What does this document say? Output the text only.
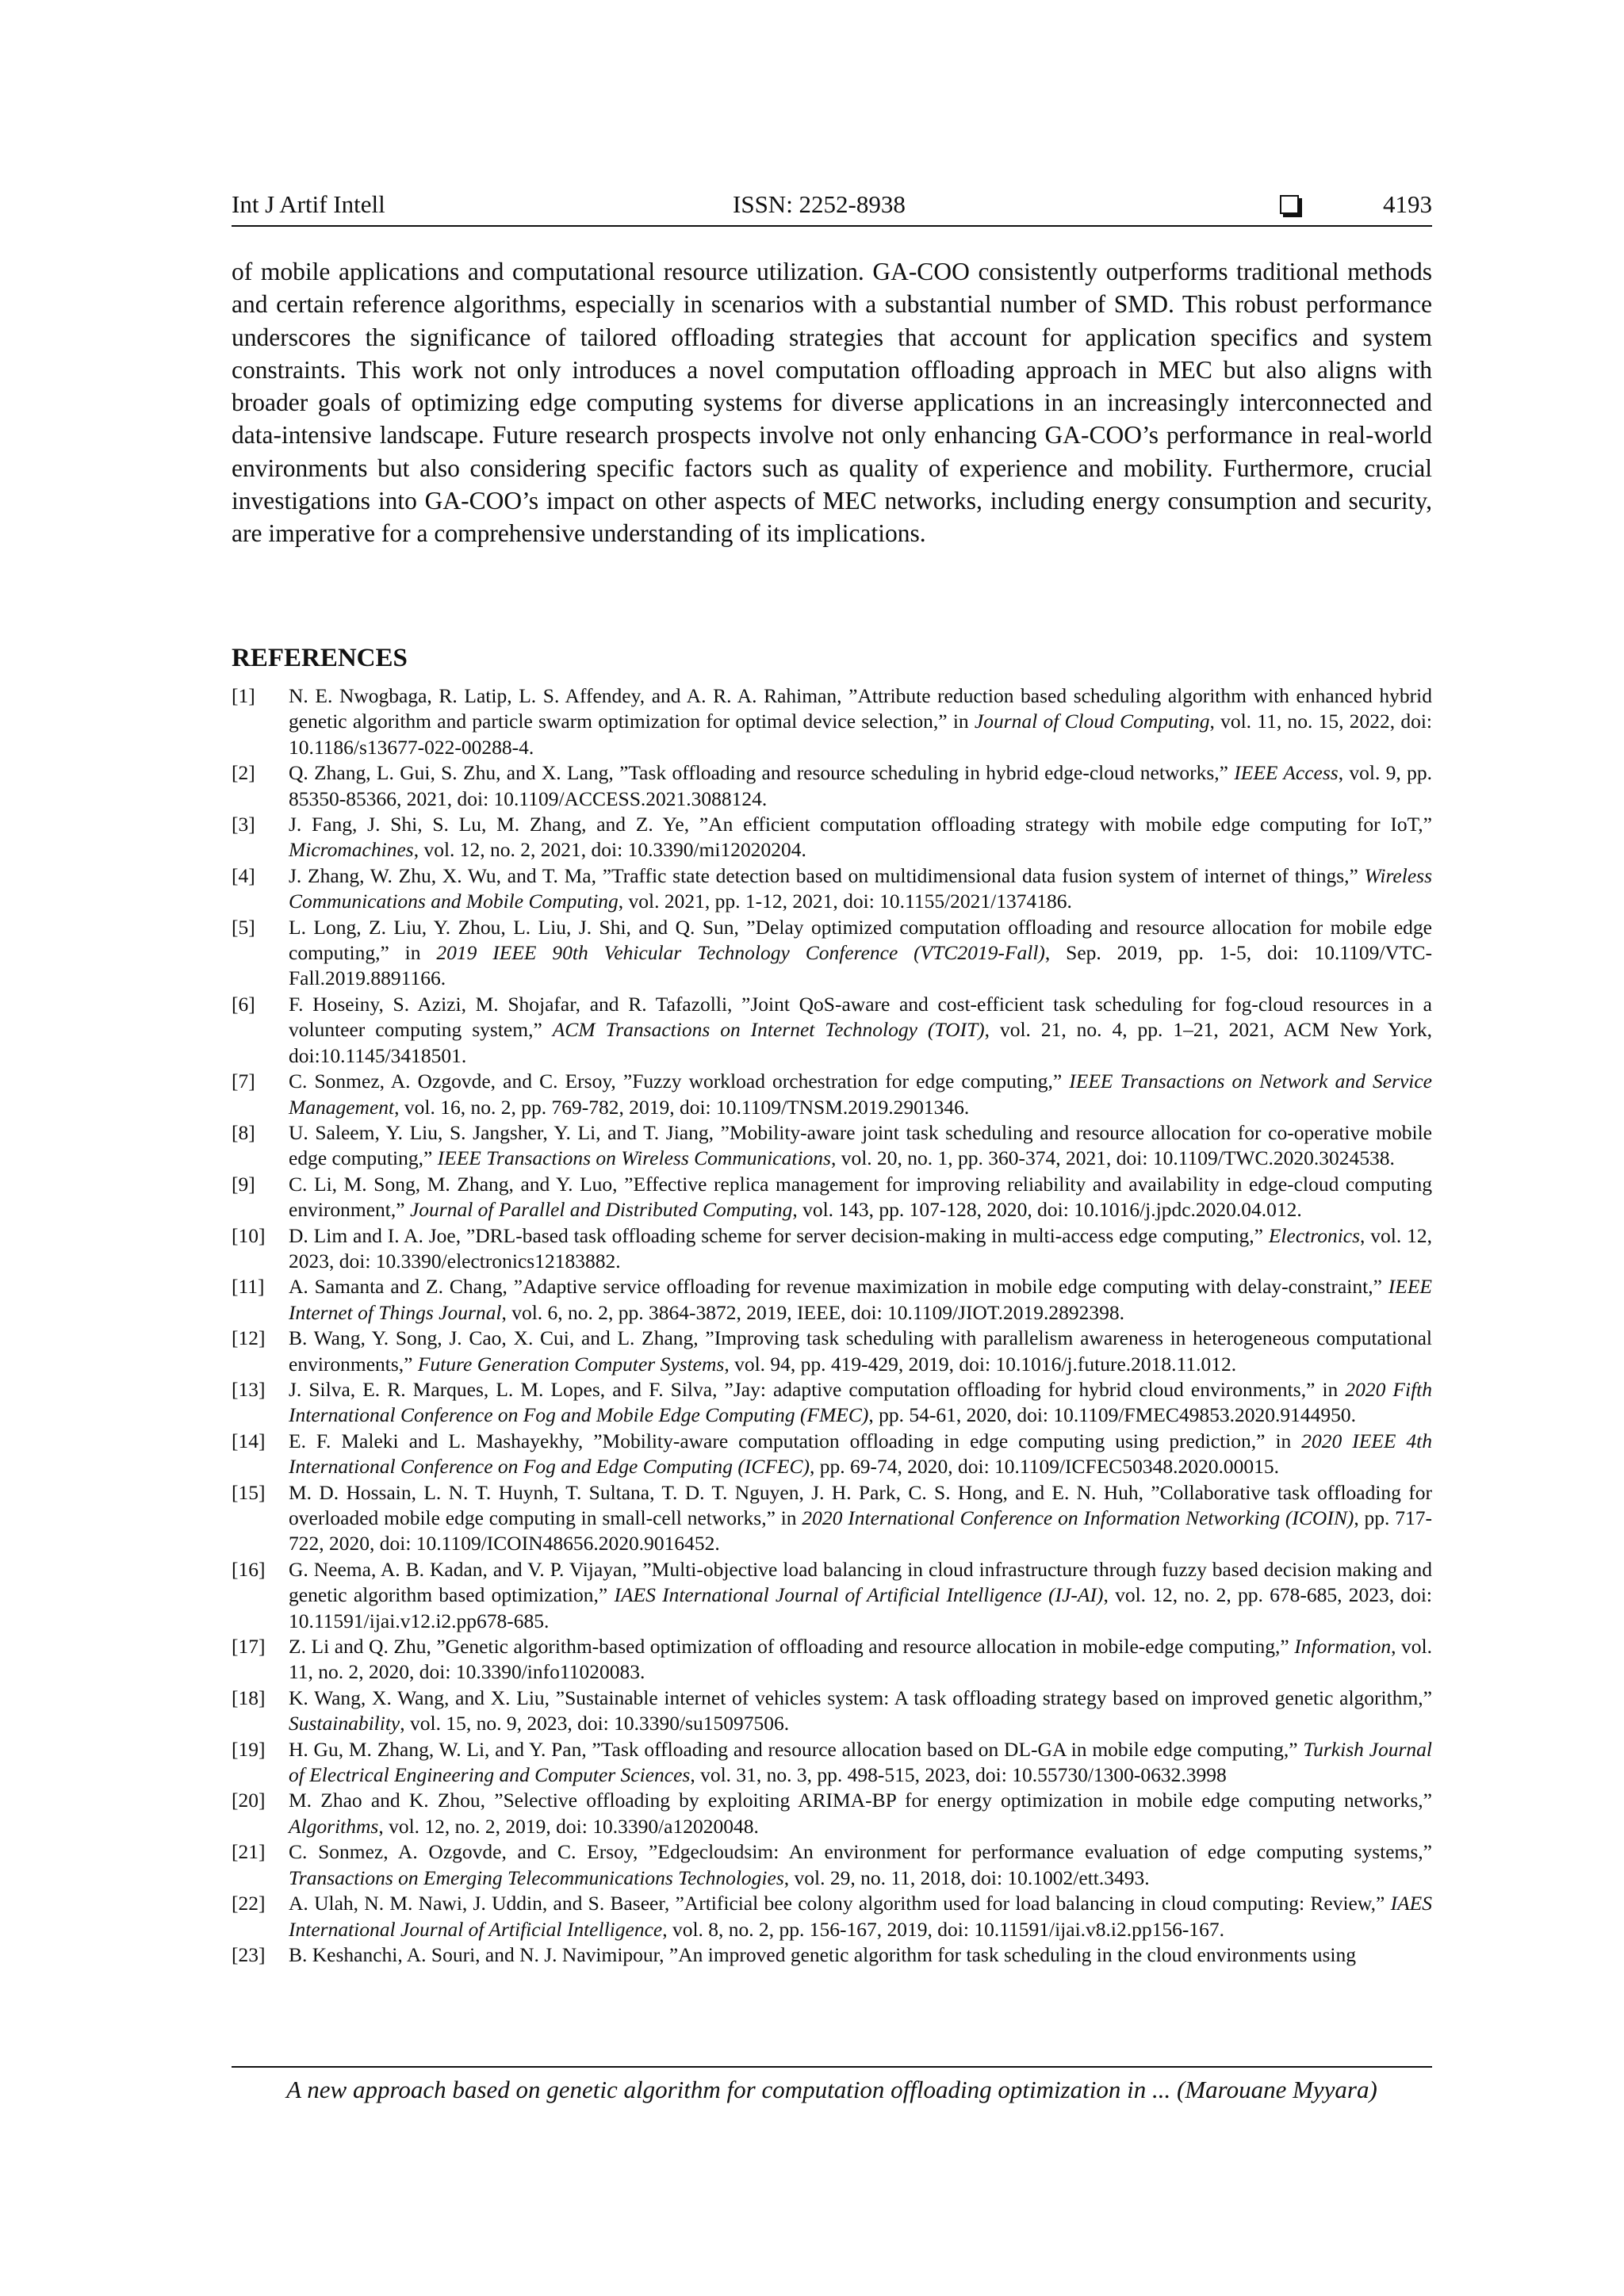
Int J Artif Intell	ISSN: 2252-8938	4193

of mobile applications and computational resource utilization. GA-COO consistently outperforms traditional methods and certain reference algorithms, especially in scenarios with a substantial number of SMD. This robust performance underscores the significance of tailored offloading strategies that account for application specifics and system constraints. This work not only introduces a novel computation offloading approach in MEC but also aligns with broader goals of optimizing edge computing systems for diverse applications in an increasingly interconnected and data-intensive landscape. Future research prospects involve not only enhancing GA-COO’s performance in real-world environments but also considering specific factors such as quality of experience and mobility. Furthermore, crucial investigations into GA-COO’s impact on other aspects of MEC networks, including energy consumption and security, are imperative for a comprehensive understanding of its implications.

REFERENCES
[1] N. E. Nwogbaga, R. Latip, L. S. Affendey, and A. R. A. Rahiman, ”Attribute reduction based scheduling algorithm with enhanced hybrid genetic algorithm and particle swarm optimization for optimal device selection,” in Journal of Cloud Computing, vol. 11, no. 15, 2022, doi: 10.1186/s13677-022-00288-4.
[2] Q. Zhang, L. Gui, S. Zhu, and X. Lang, ”Task offloading and resource scheduling in hybrid edge-cloud networks,” IEEE Access, vol. 9, pp. 85350-85366, 2021, doi: 10.1109/ACCESS.2021.3088124.
[3] J. Fang, J. Shi, S. Lu, M. Zhang, and Z. Ye, ”An efficient computation offloading strategy with mobile edge computing for IoT,” Micromachines, vol. 12, no. 2, 2021, doi: 10.3390/mi12020204.
[4] J. Zhang, W. Zhu, X. Wu, and T. Ma, ”Traffic state detection based on multidimensional data fusion system of internet of things,” Wireless Communications and Mobile Computing, vol. 2021, pp. 1-12, 2021, doi: 10.1155/2021/1374186.
[5] L. Long, Z. Liu, Y. Zhou, L. Liu, J. Shi, and Q. Sun, ”Delay optimized computation offloading and resource allocation for mobile edge computing,” in 2019 IEEE 90th Vehicular Technology Conference (VTC2019-Fall), Sep. 2019, pp. 1-5, doi: 10.1109/VTC-Fall.2019.8891166.
[6] F. Hoseiny, S. Azizi, M. Shojafar, and R. Tafazolli, ”Joint QoS-aware and cost-efficient task scheduling for fog-cloud resources in a volunteer computing system,” ACM Transactions on Internet Technology (TOIT), vol. 21, no. 4, pp. 1–21, 2021, ACM New York, doi:10.1145/3418501.
[7] C. Sonmez, A. Ozgovde, and C. Ersoy, ”Fuzzy workload orchestration for edge computing,” IEEE Transactions on Network and Service Management, vol. 16, no. 2, pp. 769-782, 2019, doi: 10.1109/TNSM.2019.2901346.
[8] U. Saleem, Y. Liu, S. Jangsher, Y. Li, and T. Jiang, ”Mobility-aware joint task scheduling and resource allocation for co-operative mobile edge computing,” IEEE Transactions on Wireless Communications, vol. 20, no. 1, pp. 360-374, 2021, doi: 10.1109/TWC.2020.3024538.
[9] C. Li, M. Song, M. Zhang, and Y. Luo, ”Effective replica management for improving reliability and availability in edge-cloud computing environment,” Journal of Parallel and Distributed Computing, vol. 143, pp. 107-128, 2020, doi: 10.1016/j.jpdc.2020.04.012.
[10] D. Lim and I. A. Joe, ”DRL-based task offloading scheme for server decision-making in multi-access edge computing,” Electronics, vol. 12, 2023, doi: 10.3390/electronics12183882.
[11] A. Samanta and Z. Chang, ”Adaptive service offloading for revenue maximization in mobile edge computing with delay-constraint,” IEEE Internet of Things Journal, vol. 6, no. 2, pp. 3864-3872, 2019, IEEE, doi: 10.1109/JIOT.2019.2892398.
[12] B. Wang, Y. Song, J. Cao, X. Cui, and L. Zhang, ”Improving task scheduling with parallelism awareness in heterogeneous computational environments,” Future Generation Computer Systems, vol. 94, pp. 419-429, 2019, doi: 10.1016/j.future.2018.11.012.
[13] J. Silva, E. R. Marques, L. M. Lopes, and F. Silva, ”Jay: adaptive computation offloading for hybrid cloud environments,” in 2020 Fifth International Conference on Fog and Mobile Edge Computing (FMEC), pp. 54-61, 2020, doi: 10.1109/FMEC49853.2020.9144950.
[14] E. F. Maleki and L. Mashayekhy, ”Mobility-aware computation offloading in edge computing using prediction,” in 2020 IEEE 4th International Conference on Fog and Edge Computing (ICFEC), pp. 69-74, 2020, doi: 10.1109/ICFEC50348.2020.00015.
[15] M. D. Hossain, L. N. T. Huynh, T. Sultana, T. D. T. Nguyen, J. H. Park, C. S. Hong, and E. N. Huh, ”Collaborative task offloading for overloaded mobile edge computing in small-cell networks,” in 2020 International Conference on Information Networking (ICOIN), pp. 717-722, 2020, doi: 10.1109/ICOIN48656.2020.9016452.
[16] G. Neema, A. B. Kadan, and V. P. Vijayan, ”Multi-objective load balancing in cloud infrastructure through fuzzy based decision making and genetic algorithm based optimization,” IAES International Journal of Artificial Intelligence (IJ-AI), vol. 12, no. 2, pp. 678-685, 2023, doi: 10.11591/ijai.v12.i2.pp678-685.
[17] Z. Li and Q. Zhu, ”Genetic algorithm-based optimization of offloading and resource allocation in mobile-edge computing,” Information, vol. 11, no. 2, 2020, doi: 10.3390/info11020083.
[18] K. Wang, X. Wang, and X. Liu, ”Sustainable internet of vehicles system: A task offloading strategy based on improved genetic algorithm,” Sustainability, vol. 15, no. 9, 2023, doi: 10.3390/su15097506.
[19] H. Gu, M. Zhang, W. Li, and Y. Pan, ”Task offloading and resource allocation based on DL-GA in mobile edge computing,” Turkish Journal of Electrical Engineering and Computer Sciences, vol. 31, no. 3, pp. 498-515, 2023, doi: 10.55730/1300-0632.3998
[20] M. Zhao and K. Zhou, ”Selective offloading by exploiting ARIMA-BP for energy optimization in mobile edge computing networks,” Algorithms, vol. 12, no. 2, 2019, doi: 10.3390/a12020048.
[21] C. Sonmez, A. Ozgovde, and C. Ersoy, ”Edgecloudsim: An environment for performance evaluation of edge computing systems,” Transactions on Emerging Telecommunications Technologies, vol. 29, no. 11, 2018, doi: 10.1002/ett.3493.
[22] A. Ulah, N. M. Nawi, J. Uddin, and S. Baseer, ”Artificial bee colony algorithm used for load balancing in cloud computing: Review,” IAES International Journal of Artificial Intelligence, vol. 8, no. 2, pp. 156-167, 2019, doi: 10.11591/ijai.v8.i2.pp156-167.
[23] B. Keshanchi, A. Souri, and N. J. Navimipour, ”An improved genetic algorithm for task scheduling in the cloud environments using
A new approach based on genetic algorithm for computation offloading optimization in ... (Marouane Myyara)
